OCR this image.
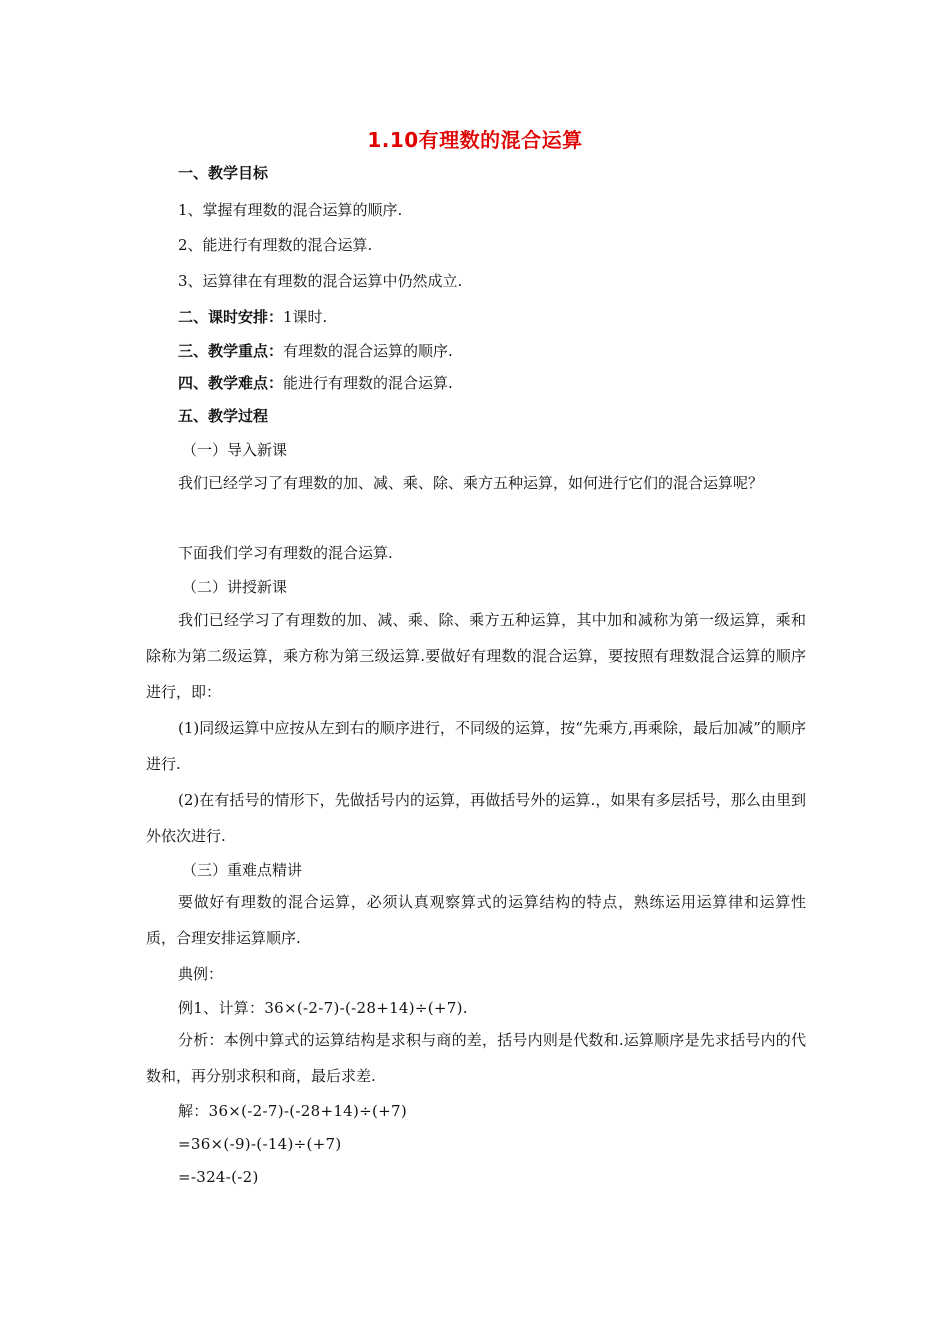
1.10有理数的混合运算
一、教学目标
1、掌握有理数的混合运算的顺序.
2、能进行有理数的混合运算.
3、运算律在有理数的混合运算中仍然成立.
二、课时安排：1课时.
三、教学重点：有理数的混合运算的顺序.
四、教学难点：能进行有理数的混合运算.
五、教学过程
（一）导入新课
我们已经学习了有理数的加、减、乘、除、乘方五种运算，如何进行它们的混合运算呢？
下面我们学习有理数的混合运算.
（二）讲授新课
我们已经学习了有理数的加、减、乘、除、乘方五种运算，其中加和减称为第一级运算，乘和除称为第二级运算，乘方称为第三级运算.要做好有理数的混合运算，要按照有理数混合运算的顺序进行，即：
(1)同级运算中应按从左到右的顺序进行，不同级的运算，按“先乘方,再乘除，最后加减”的顺序进行.
(2)在有括号的情形下，先做括号内的运算，再做括号外的运算.，如果有多层括号，那么由里到外依次进行.
（三）重难点精讲
要做好有理数的混合运算，必须认真观察算式的运算结构的特点，熟练运用运算律和运算性质，合理安排运算顺序.
典例：
例1、计算：36×(-2-7)-(-28+14)÷(+7).
分析：本例中算式的运算结构是求积与商的差，括号内则是代数和.运算顺序是先求括号内的代数和，再分别求积和商，最后求差.
解：36×(-2-7)-(-28+14)÷(+7)
=36×(-9)-(-14)÷(+7)
=-324-(-2)
